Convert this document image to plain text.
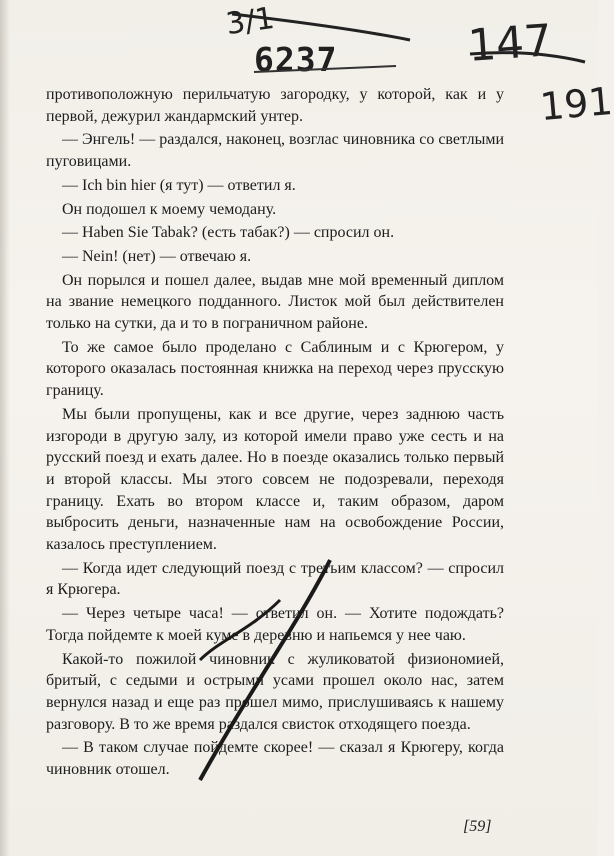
3/1
6237	147
191

противоположную перильчатую загородку, у которой, как и у первой, дежурил жандармский унтер.

— Энгель! — раздался, наконец, возглас чиновника со светлыми пуговицами.

— Ich bin hier (я тут) — ответил я.

Он подошел к моему чемодану.

— Haben Sie Tabak? (есть табак?) — спросил он.

— Nein! (нет) — отвечаю я.

Он порылся и пошел далее, выдав мне мой временный диплом на звание немецкого подданного. Листок мой был действителен только на сутки, да и то в пограничном районе.

То же самое было проделано с Саблиным и с Крюгером, у которого оказалась постоянная книжка на переход через прусскую границу.

Мы были пропущены, как и все другие, через заднюю часть изгороди в другую залу, из которой имели право уже сесть и на русский поезд и ехать далее. Но в поезде оказались только первый и второй классы. Мы этого совсем не подозревали, переходя границу. Ехать во втором классе и, таким образом, даром выбросить деньги, назначенные нам на освобождение России, казалось преступлением.

— Когда идет следующий поезд с третьим классом? — спросил я Крюгера.

— Через четыре часа! — ответил он. — Хотите подождать? Тогда пойдемте к моей куме в деревню и напьемся у нее чаю.

Какой-то пожилой чиновник с жуликоватой физиономией, бритый, с седыми и острыми усами прошел около нас, затем вернулся назад и еще раз прошел мимо, прислушиваясь к нашему разговору. В то же время раздался свисток отходящего поезда.

— В таком случае пойдемте скорее! — сказал я Крюгеру, когда чиновник отошел.

[59]
